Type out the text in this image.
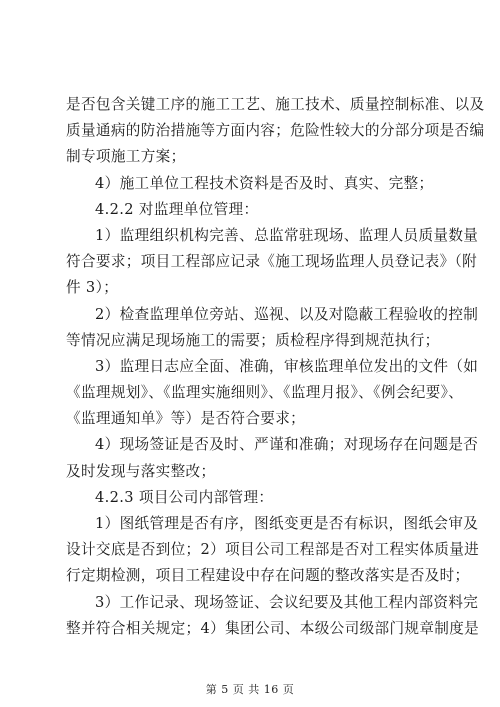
是否包含关键工序的施工工艺、施工技术、质量控制标准、以及
质量通病的防治措施等方面内容；危险性较大的分部分项是否编
制专项施工方案；
4）施工单位工程技术资料是否及时、真实、完整；
4.2.2 对监理单位管理：
1）监理组织机构完善、总监常驻现场、监理人员质量数量
符合要求；项目工程部应记录《施工现场监理人员登记表》（附
件 3）；
2）检查监理单位旁站、巡视、以及对隐蔽工程验收的控制
等情况应满足现场施工的需要；质检程序得到规范执行；
3）监理日志应全面、准确，审核监理单位发出的文件（如
《监理规划》、《监理实施细则》、《监理月报》、《例会纪要》、
《监理通知单》等）是否符合要求；
4）现场签证是否及时、严谨和准确；对现场存在问题是否
及时发现与落实整改；
4.2.3 项目公司内部管理：
1）图纸管理是否有序，图纸变更是否有标识，图纸会审及
设计交底是否到位；2）项目公司工程部是否对工程实体质量进
行定期检测，项目工程建设中存在问题的整改落实是否及时；
3）工作记录、现场签证、会议纪要及其他工程内部资料完
整并符合相关规定；4）集团公司、本级公司级部门规章制度是
第 5 页 共 16 页
